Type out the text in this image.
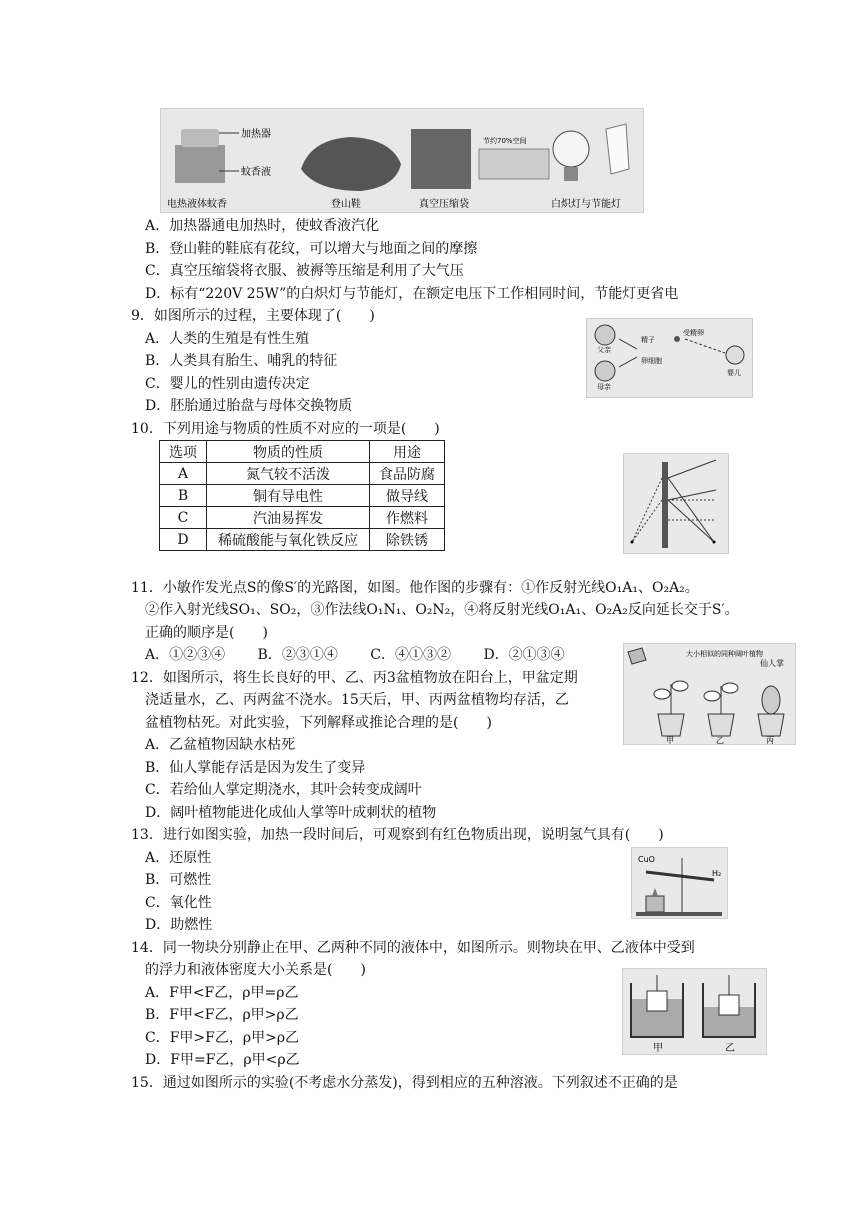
加热器
蚊香液
电热液体蚊香	登山鞋	真空压缩袋
节约70%空间
白炽灯与节能灯
A．加热器通电加热时，使蚊香液汽化
B．登山鞋的鞋底有花纹，可以增大与地面之间的摩擦
C．真空压缩袋将衣服、被褥等压缩是利用了大气压
D．标有“220V 25W”的白炽灯与节能灯，在额定电压下工作相同时间，节能灯更省电
9．如图所示的过程，主要体现了(　　)
A．人类的生殖是有性生殖
B．人类具有胎生、哺乳的特征
C．婴儿的性别由遗传决定
D．胚胎通过胎盘与母体交换物质
父亲
母亲
精子
卵细胞
受精卵
婴儿
10．下列用途与物质的性质不对应的一项是(　　)
选项	物质的性质	用途
A	氮气较不活泼	食品防腐
B	铜有导电性	做导线
C	汽油易挥发	作燃料
D	稀硫酸能与氧化铁反应	除铁锈
11．小敏作发光点S的像S′的光路图，如图。他作图的步骤有：①作反射光线O₁A₁、O₂A₂。
②作入射光线SO₁、SO₂，③作法线O₁N₁、O₂N₂，④将反射光线O₁A₁、O₂A₂反向延长交于S′。
正确的顺序是(　　)
A．①②③④　　 B．②③①④　　 C．④①③②　　 D．②①③④
12．如图所示，将生长良好的甲、乙、丙3盆植物放在阳台上，甲盆定期
浇适量水，乙、丙两盆不浇水。15天后，甲、丙两盆植物均存活，乙
盆植物枯死。对此实验，下列解释或推论合理的是(　　)
A．乙盆植物因缺水枯死
B．仙人掌能存活是因为发生了变异
C．若给仙人掌定期浇水，其叶会转变成阔叶
D．阔叶植物能进化成仙人掌等叶成刺状的植物
大小相似的同种阔叶植物
仙人掌
甲	乙	丙
13．进行如图实验，加热一段时间后，可观察到有红色物质出现，说明氢气具有(　　)
A．还原性
B．可燃性
C．氧化性
D．助燃性
CuO
H₂
14．同一物块分别静止在甲、乙两种不同的液体中，如图所示。则物块在甲、乙液体中受到
的浮力和液体密度大小关系是(　　)
A．F甲<F乙，ρ甲=ρ乙
B．F甲<F乙，ρ甲>ρ乙
C．F甲>F乙，ρ甲>ρ乙
D．F甲=F乙，ρ甲<ρ乙
甲	乙
15．通过如图所示的实验(不考虑水分蒸发)，得到相应的五种溶液。下列叙述不正确的是
